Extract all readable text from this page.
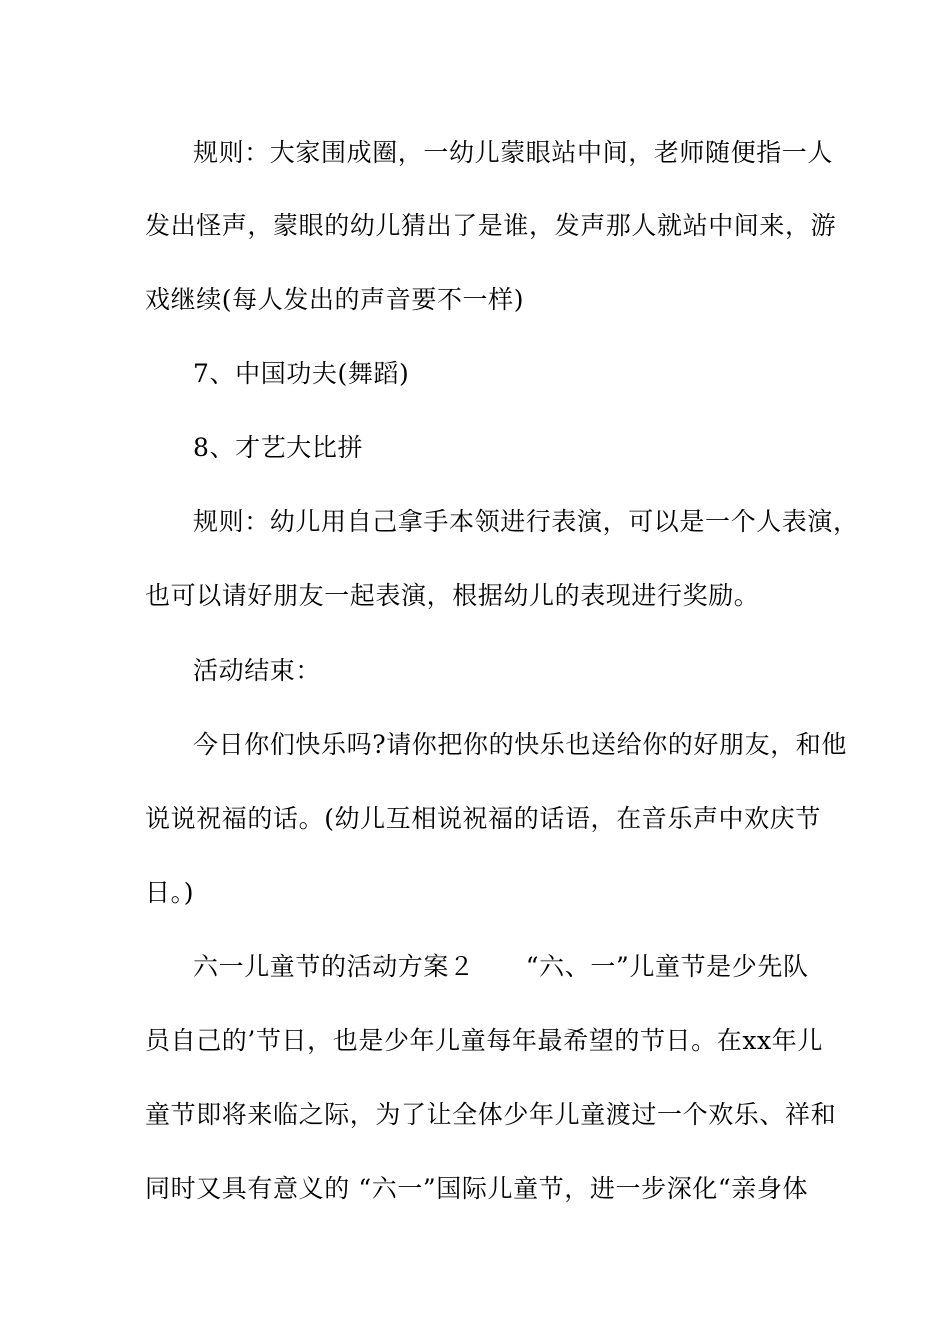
规则：大家围成圈，一幼儿蒙眼站中间，老师随便指一人
发出怪声，蒙眼的幼儿猜出了是谁，发声那人就站中间来，游
戏继续(每人发出的声音要不一样)
7、中国功夫(舞蹈)
8、才艺大比拼
规则：幼儿用自己拿手本领进行表演，可以是一个人表演，
也可以请好朋友一起表演，根据幼儿的表现进行奖励。
活动结束：
今日你们快乐吗?请你把你的快乐也送给你的好朋友，和他
说说祝福的话。(幼儿互相说祝福的话语，在音乐声中欢庆节
日。)
六一儿童节的活动方案２　　“六、一”儿童节是少先队
员自己的’节日，也是少年儿童每年最希望的节日。在xx年儿
童节即将来临之际，为了让全体少年儿童渡过一个欢乐、祥和
同时又具有意义的 “六一”国际儿童节，进一步深化“亲身体
